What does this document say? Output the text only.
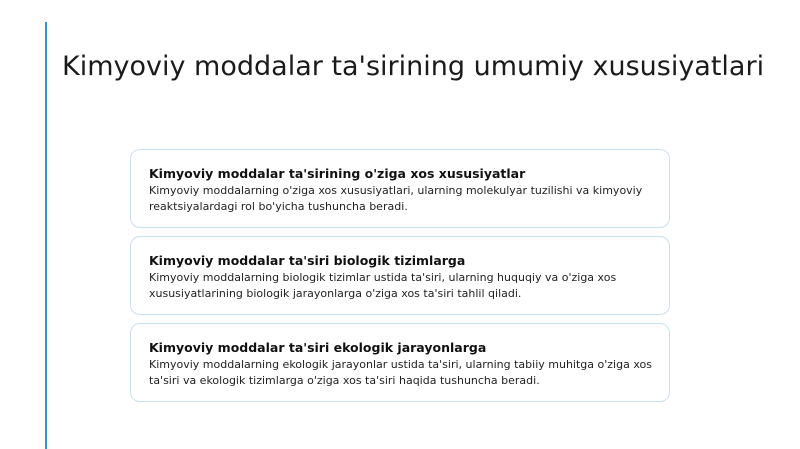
Kimyoviy moddalar ta'sirining umumiy xususiyatlari
Kimyoviy moddalar ta'sirining o'ziga xos xususiyatlar
Kimyoviy moddalarning o'ziga xos xususiyatlari, ularning molekulyar tuzilishi va kimyoviy reaktsiyalardagi rol bo'yicha tushuncha beradi.
Kimyoviy moddalar ta'siri biologik tizimlarga
Kimyoviy moddalarning biologik tizimlar ustida ta'siri, ularning huquqiy va o'ziga xos xususiyatlarining biologik jarayonlarga o'ziga xos ta'siri tahlil qiladi.
Kimyoviy moddalar ta'siri ekologik jarayonlarga
Kimyoviy moddalarning ekologik jarayonlar ustida ta'siri, ularning tabiiy muhitga o'ziga xos ta'siri va ekologik tizimlarga o'ziga xos ta'siri haqida tushuncha beradi.
